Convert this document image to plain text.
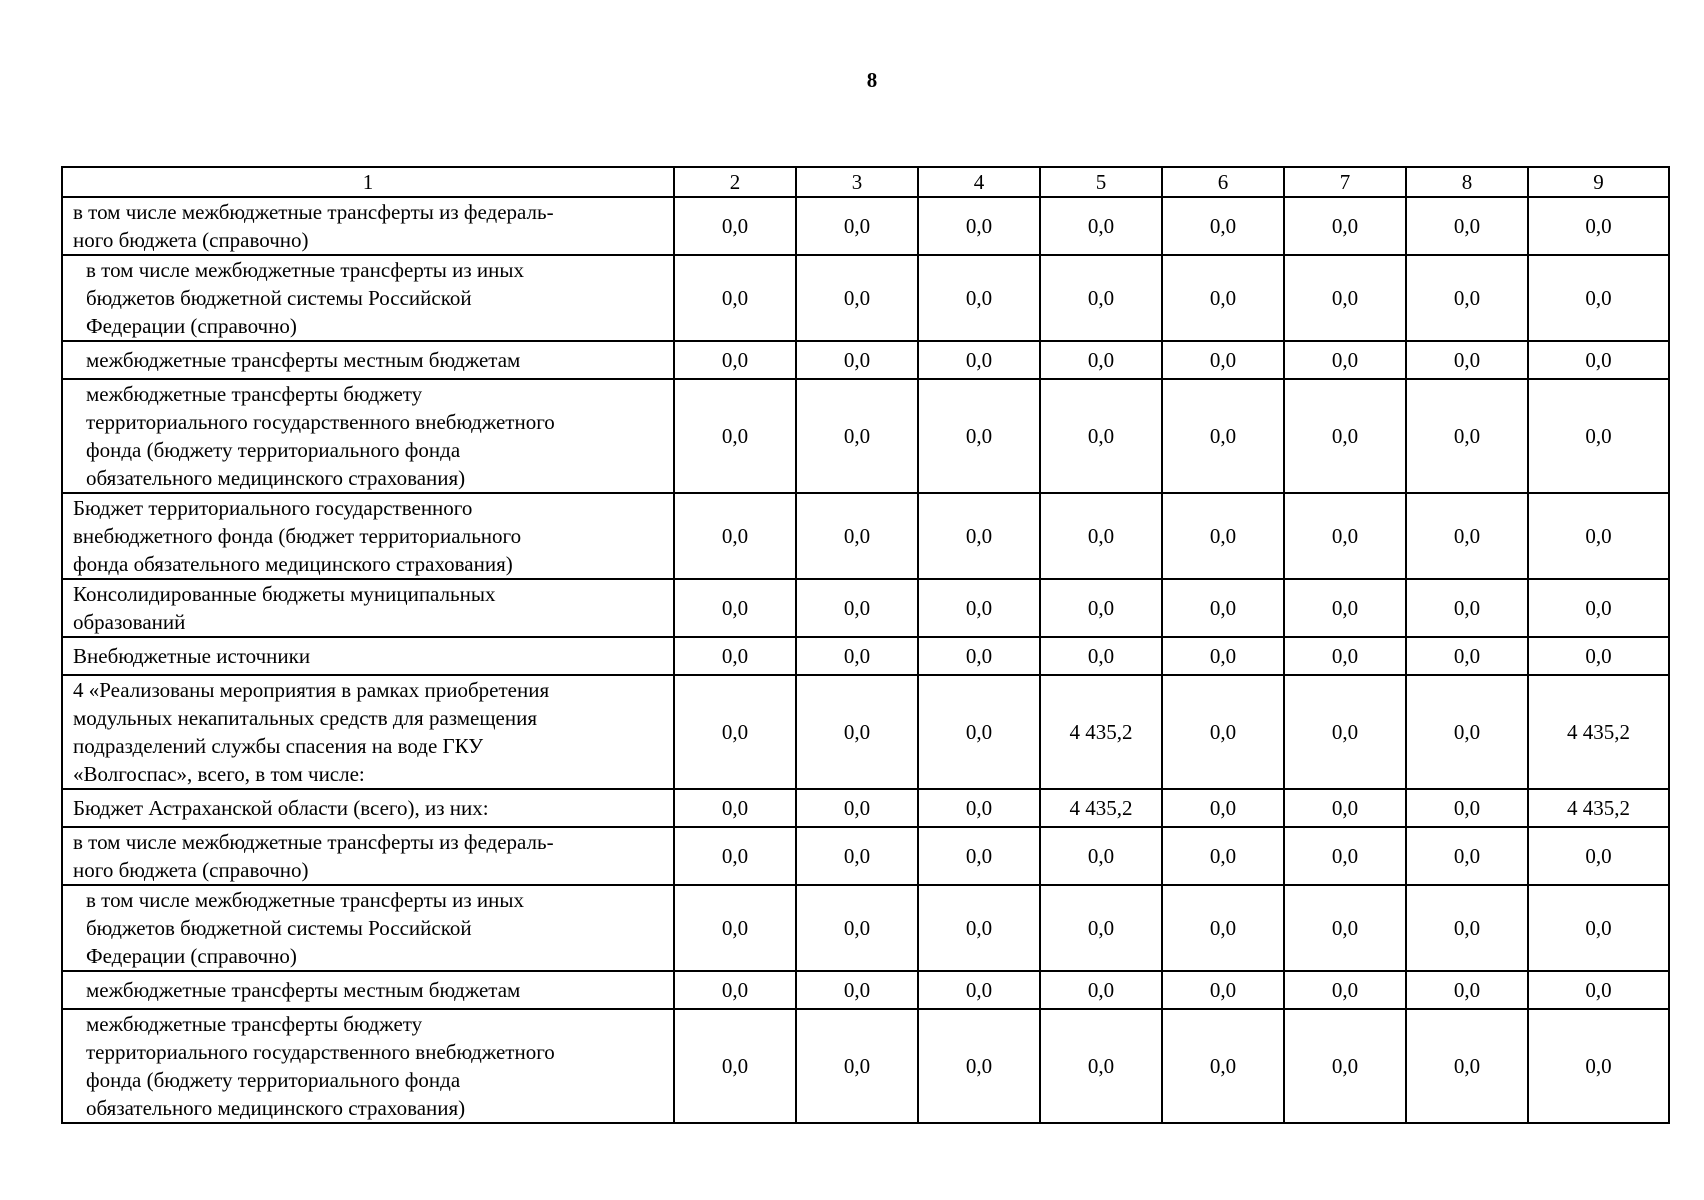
8
1	2	3	4	5	6	7	8	9
в том числе межбюджетные трансферты из федераль-
ного бюджета (справочно)	0,0	0,0	0,0	0,0	0,0	0,0	0,0	0,0
в том числе межбюджетные трансферты из иных
бюджетов бюджетной системы Российской
Федерации (справочно)	0,0	0,0	0,0	0,0	0,0	0,0	0,0	0,0
межбюджетные трансферты местным бюджетам	0,0	0,0	0,0	0,0	0,0	0,0	0,0	0,0
межбюджетные трансферты бюджету
территориального государственного внебюджетного
фонда (бюджету территориального фонда
обязательного медицинского страхования)	0,0	0,0	0,0	0,0	0,0	0,0	0,0	0,0
Бюджет территориального государственного
внебюджетного фонда (бюджет территориального
фонда обязательного медицинского страхования)	0,0	0,0	0,0	0,0	0,0	0,0	0,0	0,0
Консолидированные бюджеты муниципальных
образований	0,0	0,0	0,0	0,0	0,0	0,0	0,0	0,0
Внебюджетные источники	0,0	0,0	0,0	0,0	0,0	0,0	0,0	0,0
4 «Реализованы мероприятия в рамках приобретения
модульных некапитальных средств для размещения
подразделений службы спасения на воде ГКУ
«Волгоспас», всего, в том числе:	0,0	0,0	0,0	4 435,2	0,0	0,0	0,0	4 435,2
Бюджет Астраханской области (всего), из них:	0,0	0,0	0,0	4 435,2	0,0	0,0	0,0	4 435,2
в том числе межбюджетные трансферты из федераль-
ного бюджета (справочно)	0,0	0,0	0,0	0,0	0,0	0,0	0,0	0,0
в том числе межбюджетные трансферты из иных
бюджетов бюджетной системы Российской
Федерации (справочно)	0,0	0,0	0,0	0,0	0,0	0,0	0,0	0,0
межбюджетные трансферты местным бюджетам	0,0	0,0	0,0	0,0	0,0	0,0	0,0	0,0
межбюджетные трансферты бюджету
территориального государственного внебюджетного
фонда (бюджету территориального фонда
обязательного медицинского страхования)	0,0	0,0	0,0	0,0	0,0	0,0	0,0	0,0
